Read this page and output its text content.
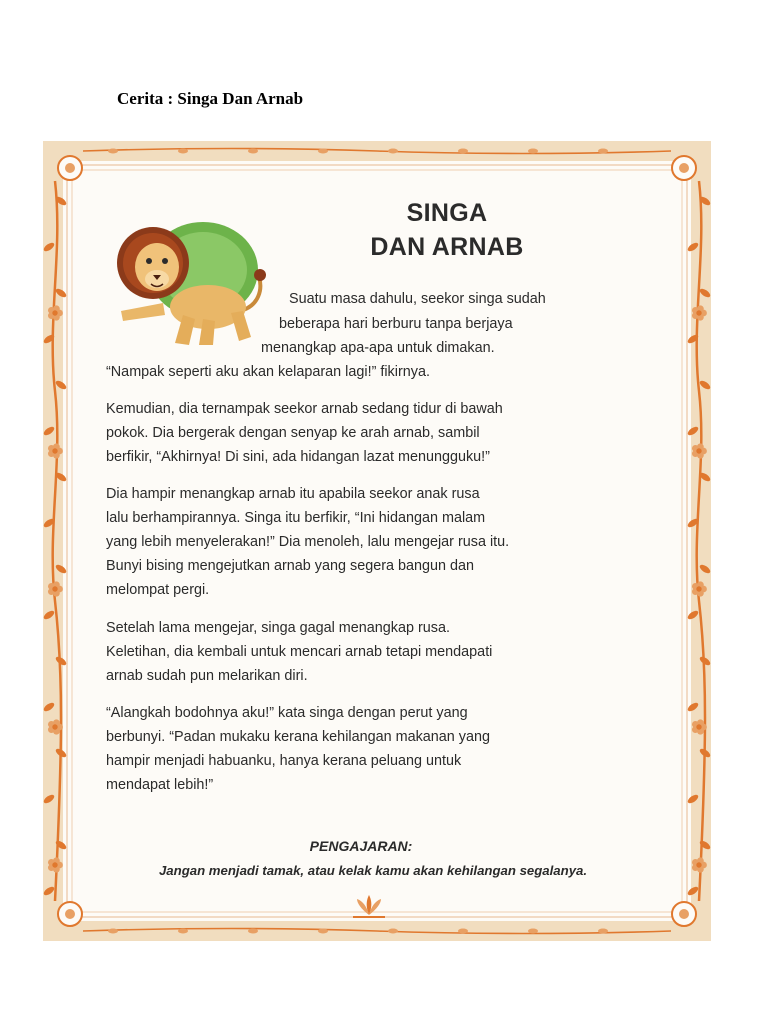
Cerita : Singa Dan Arnab
SINGA
DAN ARNAB
Suatu masa dahulu, seekor singa sudah
beberapa hari berburu tanpa berjaya
menangkap apa-apa untuk dimakan.
“Nampak seperti aku akan kelaparan lagi!” fikirnya.
Kemudian, dia ternampak seekor arnab sedang tidur di bawah
pokok. Dia bergerak dengan senyap ke arah arnab, sambil
berfikir, “Akhirnya! Di sini, ada hidangan lazat menungguku!”
Dia hampir menangkap arnab itu apabila seekor anak rusa
lalu berhampirannya. Singa itu berfikir, “Ini hidangan malam
yang lebih menyelerakan!” Dia menoleh, lalu mengejar rusa itu.
Bunyi bising mengejutkan arnab yang segera bangun dan
melompat pergi.
Setelah lama mengejar, singa gagal menangkap rusa.
Keletihan, dia kembali untuk mencari arnab tetapi mendapati
arnab sudah pun melarikan diri.
“Alangkah bodohnya aku!” kata singa dengan perut yang
berbunyi. “Padan mukaku kerana kehilangan makanan yang
hampir menjadi habuanku, hanya kerana peluang untuk
mendapat lebih!”
PENGAJARAN:
Jangan menjadi tamak, atau kelak kamu akan kehilangan segalanya.
